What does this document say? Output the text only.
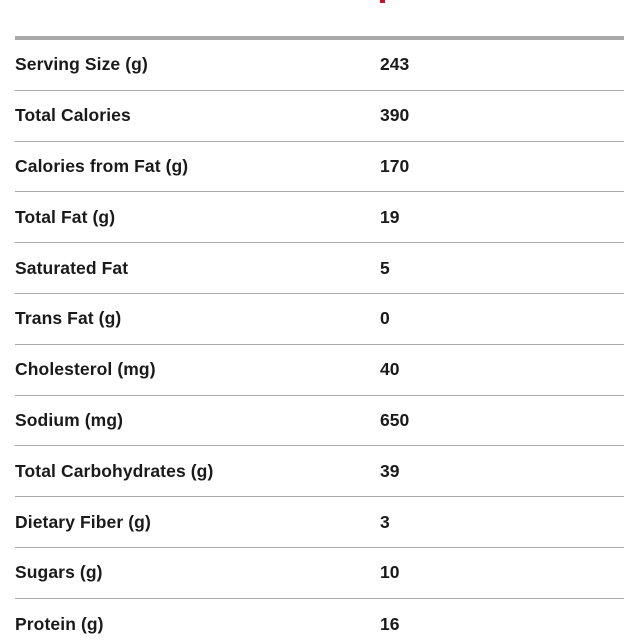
Serving Size (g)	243
Total Calories	390
Calories from Fat (g)	170
Total Fat (g)	19
Saturated Fat	5
Trans Fat (g)	0
Cholesterol (mg)	40
Sodium (mg)	650
Total Carbohydrates (g)	39
Dietary Fiber (g)	3
Sugars (g)	10
Protein (g)	16
